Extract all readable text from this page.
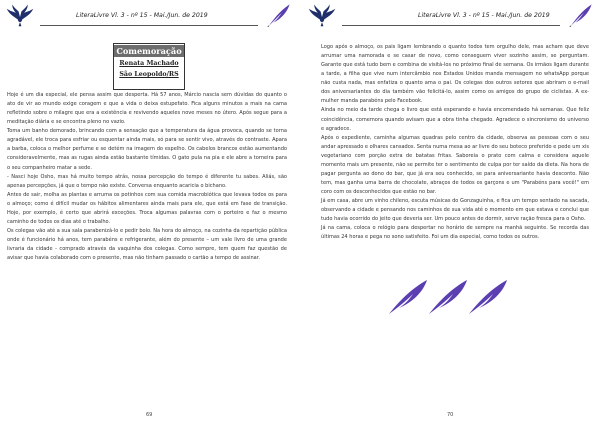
LiteraLivre Vl. 3 - nº 15 - Mai./Jun. de 2019
Comemoração
Renata Machado
São Leopoldo/RS

Hoje é um dia especial, ele pensa assim que desperta. Há 57 anos, Márcio nascia sem dúvidas do quanto o ato de vir ao mundo exige coragem e que a vida o deixa estupefato. Fica alguns minutos a mais na cama refletindo sobre o milagre que era a existência e revivendo aqueles nove meses no útero. Após segue para a meditação diária e se encontra pleno no vazio.

Toma um banho demorado, brincando com a sensação que a temperatura da água provoca, quando se torna agradável, ele troca para esfriar ou esquentar ainda mais, só para se sentir vivo, através do contraste. Apara a barba, coloca o melhor perfume e se detém na imagem do espelho. Os cabelos brancos estão aumentando consideravelmente, mas as rugas ainda estão bastante tímidas. O gato pula na pia e ele abre a torneira para o seu companheiro matar a sede.

- Nasci hoje Osho, mas há muito tempo atrás, nossa percepção do tempo é diferente tu sabes. Aliás, são apenas percepções, já que o tempo não existe. Conversa enquanto acaricia o bichano.

Antes de sair, molha as plantas e arruma os potinhos com sua comida macrobiótica que levava todos os para o almoço; como é difícil mudar os hábitos alimentares ainda mais para ele, que está em fase de transição. Hoje, por exemplo, é certo que abrirá exceções. Troca algumas palavras com o porteiro e faz o mesmo caminho de todos os dias até o trabalho.

Os colegas vão até a sua sala parabenizá-lo e pedir bolo. Na hora do almoço, na cozinha da repartição pública onde é funcionário há anos, tem parabéns e refrigerante, além do presente – um vale livro de uma grande livraria da cidade - comprado através da vaquinha dos colegas. Como sempre, tem quem faz questão de avisar que havia colaborado com o presente, mas não tinham passado o cartão a tempo de assinar.

69
LiteraLivre Vl. 3 - nº 15 - Mai./Jun. de 2019

Logo após o almoço, os pais ligam lembrando o quanto todos tem orgulho dele, mas acham que deve arrumar uma namorada e se casar de novo, como conseguem viver sozinho assim, se perguntam. Garante que está tudo bem e combina de visitá-los no próximo final de semana. Os irmãos ligam durante a tarde, a filha que vive num intercâmbio nos Estados Unidos manda mensagem no whatsApp porque não custa nada, mas enfatiza o quanto ama o pai. Os colegas dos outros setores que abriram o e-mail dos aniversariantes do dia também vão felicitá-lo, assim como os amigos do grupo de ciclistas. A ex-mulher manda parabéns pelo Facebook.

Ainda no meio da tarde chega o livro que está esperando e havia encomendado há semanas. Que feliz coincidência, comemora quando avisam que a obra tinha chegado. Agradece o sincronismo do universo e agradece.

Após o expediente, caminha algumas quadras pelo centro da cidade, observa as pessoas com o seu andar apressado e olhares cansados. Senta numa mesa ao ar livre do seu boteco preferido e pede um xis vegetariano com porção extra de batatas fritas. Saboreia o prato com calma e considera aquele momento mais um presente, não se permite ter o sentimento de culpa por ter saído da dieta. Na hora de pagar pergunta ao dono do bar, que já era seu conhecido, se para aniversariante havia desconto. Não tem, mas ganha uma barra de chocolate, abraços de todos os garçons e um "Parabéns para você!" em coro com os desconhecidos que estão no bar.

Já em casa, abre um vinho chileno, escuta músicas do Gonzaguinha, e fica um tempo sentado na sacada, observando a cidade e pensando nos caminhos de sua vida até o momento em que estava e conclui que tudo havia ocorrido do jeito que deveria ser. Um pouco antes de dormir, serve ração fresca para o Osho.

Já na cama, coloca o relógio para despertar no horário de sempre na manhã seguinte. Se recorda das últimas 24 horas e pega no sono satisfeito. Foi um dia especial, como todos os outros.

70
